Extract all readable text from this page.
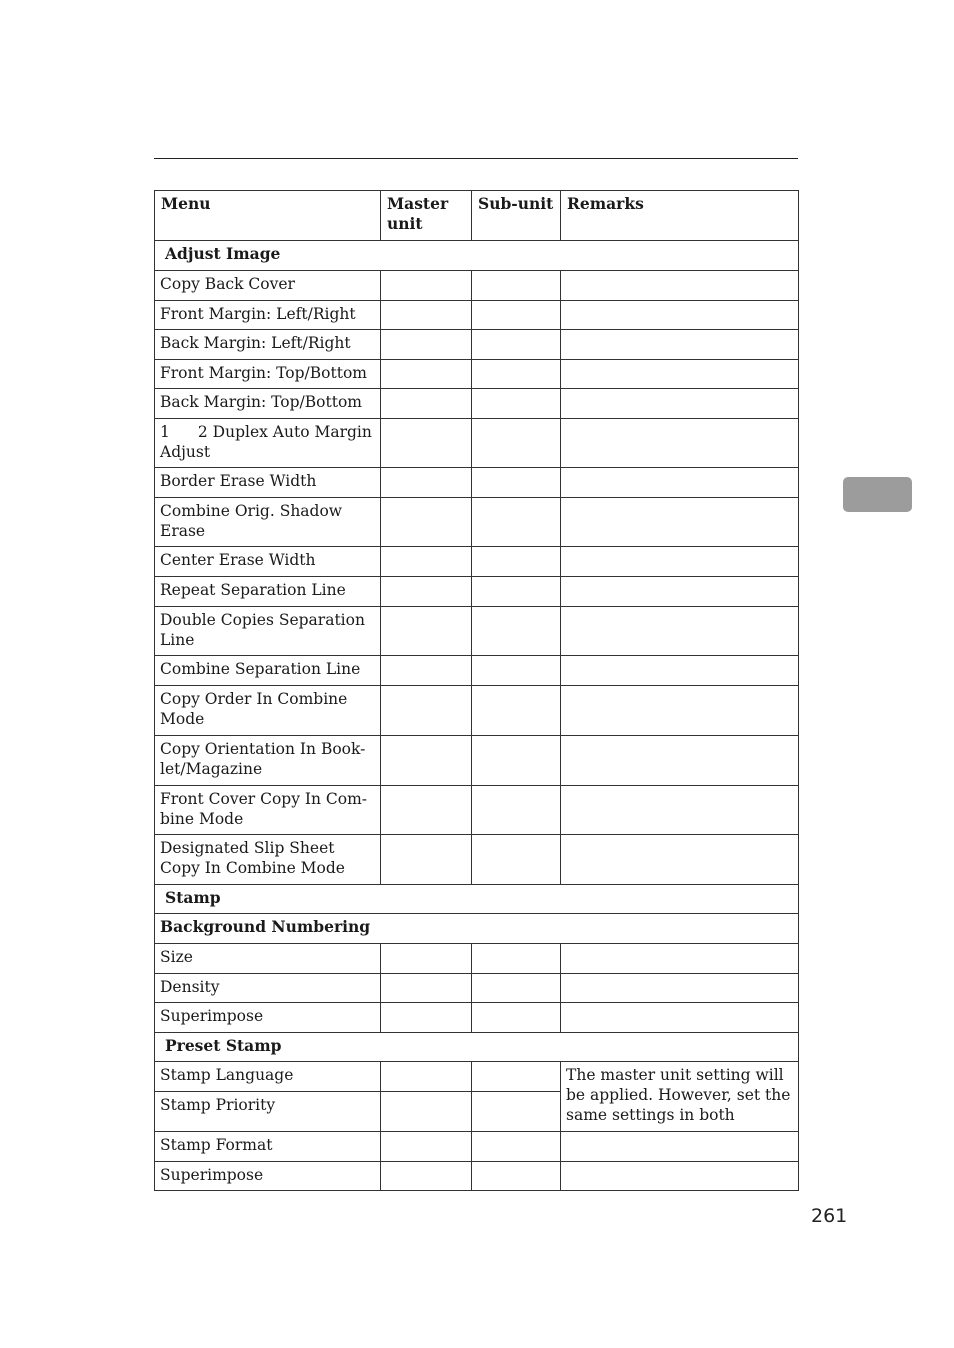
Menu	Master unit	Sub-unit	Remarks
Adjust Image			
Copy Back Cover			
Front Margin: Left/Right			
Back Margin: Left/Right			
Front Margin: Top/Bottom			
Back Margin: Top/Bottom			
1 2 Duplex Auto Margin Adjust			
Border Erase Width			
Combine Orig. Shadow Erase			
Center Erase Width			
Repeat Separation Line			
Double Copies Separation Line			
Combine Separation Line			
Copy Order In Combine Mode			
Copy Orientation In Book-let/Magazine			
Front Cover Copy In Com-bine Mode			
Designated Slip Sheet Copy In Combine Mode			
Stamp			
Background Numbering			
Size			
Density			
Superimpose			
Preset Stamp			
Stamp Language			The master unit setting will be applied. However, set the same settings in both
Stamp Priority			
Stamp Format			
Superimpose			
261
